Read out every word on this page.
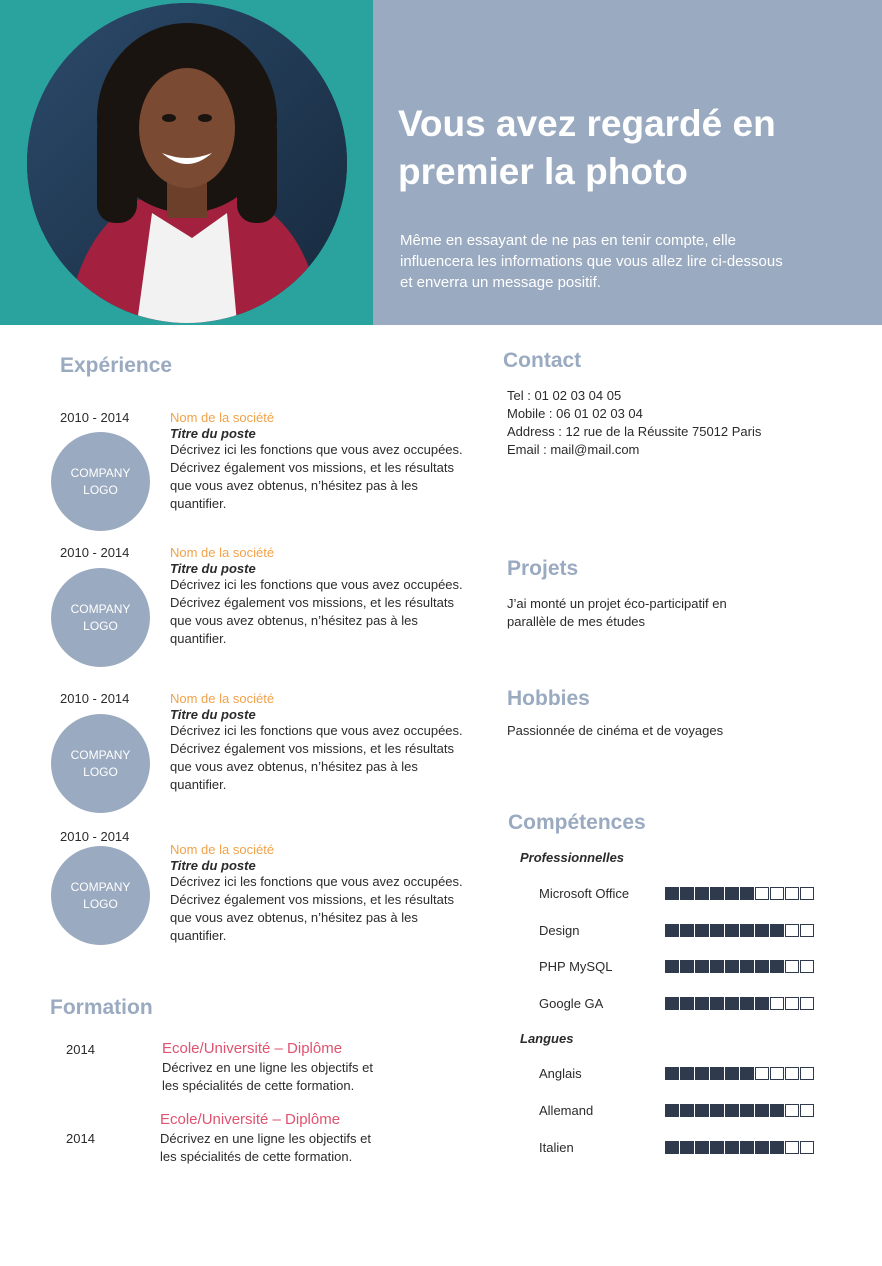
Vous avez regardé en
premier la photo
Même en essayant de ne pas en tenir compte, elle
influencera les informations que vous allez lire ci-dessous
et enverra un message positif.
Expérience
2010 - 2014
COMPANY
LOGO
Nom de la société
Titre du poste
Décrivez ici les fonctions que vous avez occupées.
Décrivez également vos missions, et les résultats
que vous avez obtenus, n’hésitez pas à les
quantifier.
2010 - 2014
COMPANY
LOGO
Nom de la société
Titre du poste
Décrivez ici les fonctions que vous avez occupées.
Décrivez également vos missions, et les résultats
que vous avez obtenus, n’hésitez pas à les
quantifier.
2010 - 2014
COMPANY
LOGO
Nom de la société
Titre du poste
Décrivez ici les fonctions que vous avez occupées.
Décrivez également vos missions, et les résultats
que vous avez obtenus, n’hésitez pas à les
quantifier.
2010 - 2014
COMPANY
LOGO
Nom de la société
Titre du poste
Décrivez ici les fonctions que vous avez occupées.
Décrivez également vos missions, et les résultats
que vous avez obtenus, n’hésitez pas à les
quantifier.
Formation
2014	Ecole/Université – Diplôme
Décrivez en une ligne les objectifs et
les spécialités de cette formation.
2014
Ecole/Université – Diplôme
Décrivez en une ligne les objectifs et
les spécialités de cette formation.
Contact
Tel : 01 02 03 04 05
Mobile : 06 01 02 03 04
Address : 12 rue de la Réussite 75012 Paris
Email : mail@mail.com
Projets
J’ai monté un projet éco-participatif en
parallèle de mes études
Hobbies
Passionnée de cinéma et de voyages
Compétences
Professionnelles
Langues
Microsoft Office
Design
PHP MySQL
Google GA
Anglais
Allemand
Italien
